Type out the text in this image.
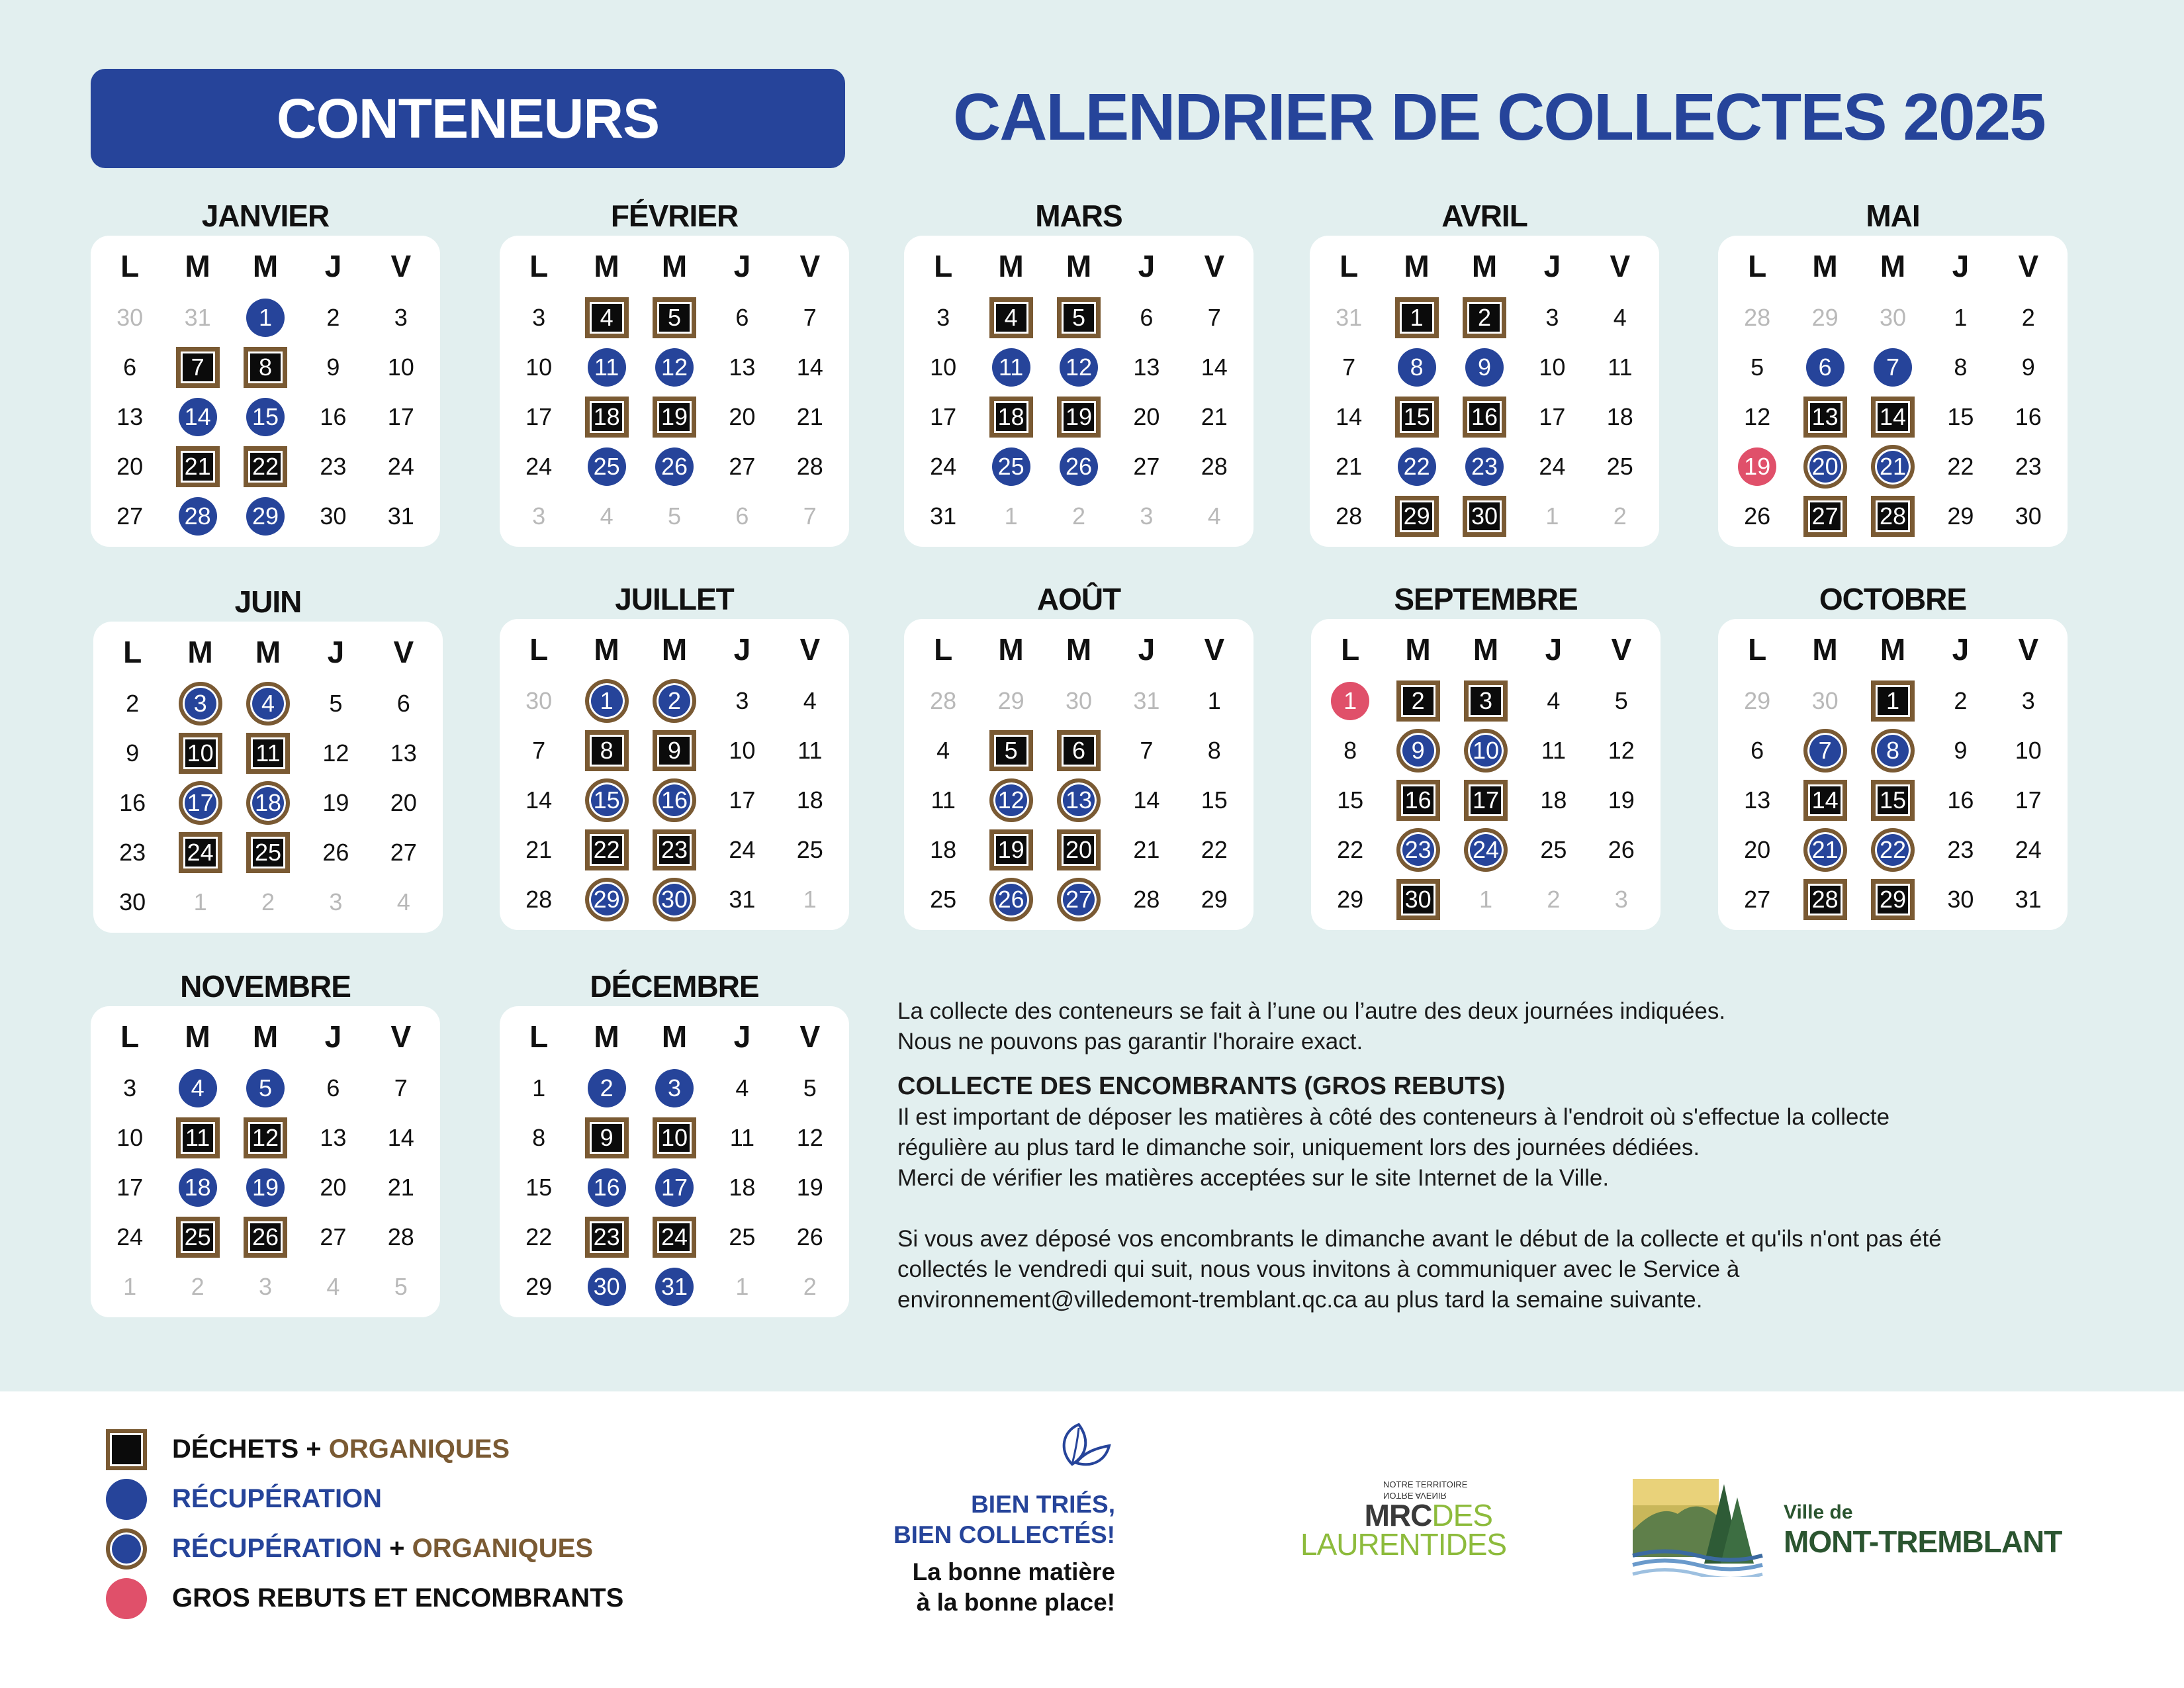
CONTENEURS	CALENDRIER DE COLLECTES 2025
JANVIER
L	M	M	J	V
30 31	1	2	3
6	7	8	9	10
13 14 15 16 17
20	21	22	23 24
27 28 29 30 31
FÉVRIER
L	M	M	J	V
3	4	5	6	7
10 11 12 13 14
17	18	19	20 21
24 25 26 27 28
3	4	5	6	7
MARS
L	M	M	J	V
3	4	5	6	7
10 11 12 13 14
17	18	19	20 21
24 25 26 27 28
31	1	2	3	4
AVRIL
L	M	M	J	V
31	1	2	3	4
7	8	9	10 11
14	15	16	17 18
21 22 23 24 25
28	29	30	1	2
MAI
L	M	M	J	V
28 29 30	1	2
5	6	7	8	9
12	13	14	15 16
19	20	21	22 23
26	27	28	29 30
JUIN
L	M	M	J	V
2	3	4	5	6
9	10	11	12 13
16	17	18	19 20
23	24	25	26 27
30	1	2	3	4
JUILLET
L	M	M	J	V
30	1	2	3	4
7	8	9	10 11
14	15	16	17 18
21	22	23	24 25
28	29	30	31	1
AOÛT
L	M	M	J	V
28 29 30 31	1
4	5	6	7	8
11	12	13	14 15
18	19	20	21 22
25	26	27	28 29
SEPTEMBRE
L	M	M	J	V
1	2	3	4	5
8	9	10	11 12
15	16	17	18 19
22	23	24	25 26
29	30	1	2	3
OCTOBRE
L	M	M	J	V
29 30	1	2	3
6	7	8	9	10
13	14	15	16 17
20	21	22	23 24
27	28	29	30 31
NOVEMBRE
L	M	M	J	V
3	4	5	6	7
10	11	12	13 14
17 18 19 20 21
24	25	26	27 28
1	2	3	4	5
DÉCEMBRE
L	M	M	J	V
1	2	3	4	5
8	9	10	11 12
15 16 17 18 19
22	23	24	25 26
29 30 31	1	2

La collecte des conteneurs se fait à l’une ou l’autre des deux journées indiquées.

Nous ne pouvons pas garantir l'horaire exact.

COLLECTE DES ENCOMBRANTS (GROS REBUTS)

Il est important de déposer les matières à côté des conteneurs à l'endroit où s'effectue la collecte

régulière au plus tard le dimanche soir, uniquement lors des journées dédiées.

Merci de vérifier les matières acceptées sur le site Internet de la Ville.

Si vous avez déposé vos encombrants le dimanche avant le début de la collecte et qu'ils n'ont pas été

collectés le vendredi qui suit, nous vous invitons à communiquer avec le Service à

environnement@villedemont-tremblant.qc.ca au plus tard la semaine suivante.

DÉCHETS + ORGANIQUES
RÉCUPÉRATION
RÉCUPÉRATION + ORGANIQUES
GROS REBUTS ET ENCOMBRANTS
BIEN TRIÉS,
BIEN COLLECTÉS!
La bonne matière
à la bonne place!
NOTRE TERRITOIRE
NOTRE AVENIR
MRCDES
LAURENTIDES
Ville de
MONT-TREMBLANT
